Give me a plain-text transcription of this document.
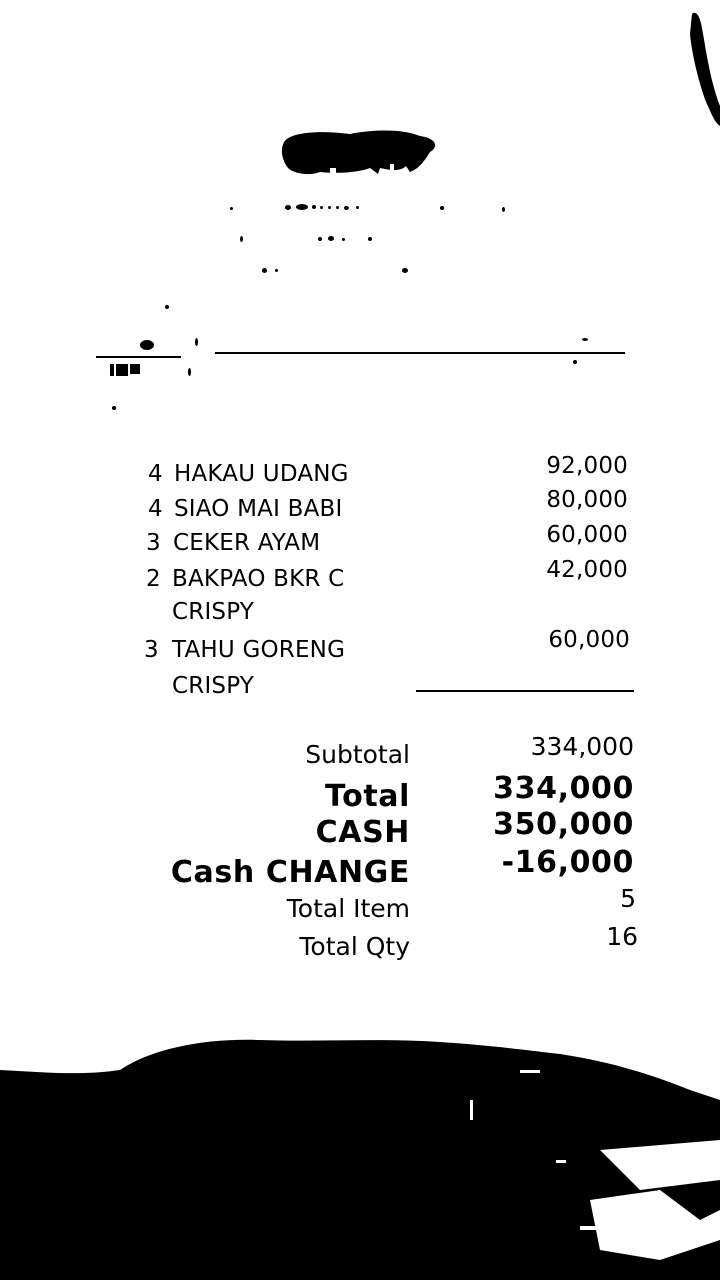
4 HAKAU UDANG	92,000
4 SIAO MAI BABI	80,000
3 CEKER AYAM	60,000
2 BAKPAO BKR C	42,000
CRISPY
3 TAHU GORENG	60,000
CRISPY
Subtotal	334,000
Total	334,000
CASH	350,000
Cash CHANGE	-16,000
Total Item	5
Total Qty	16
